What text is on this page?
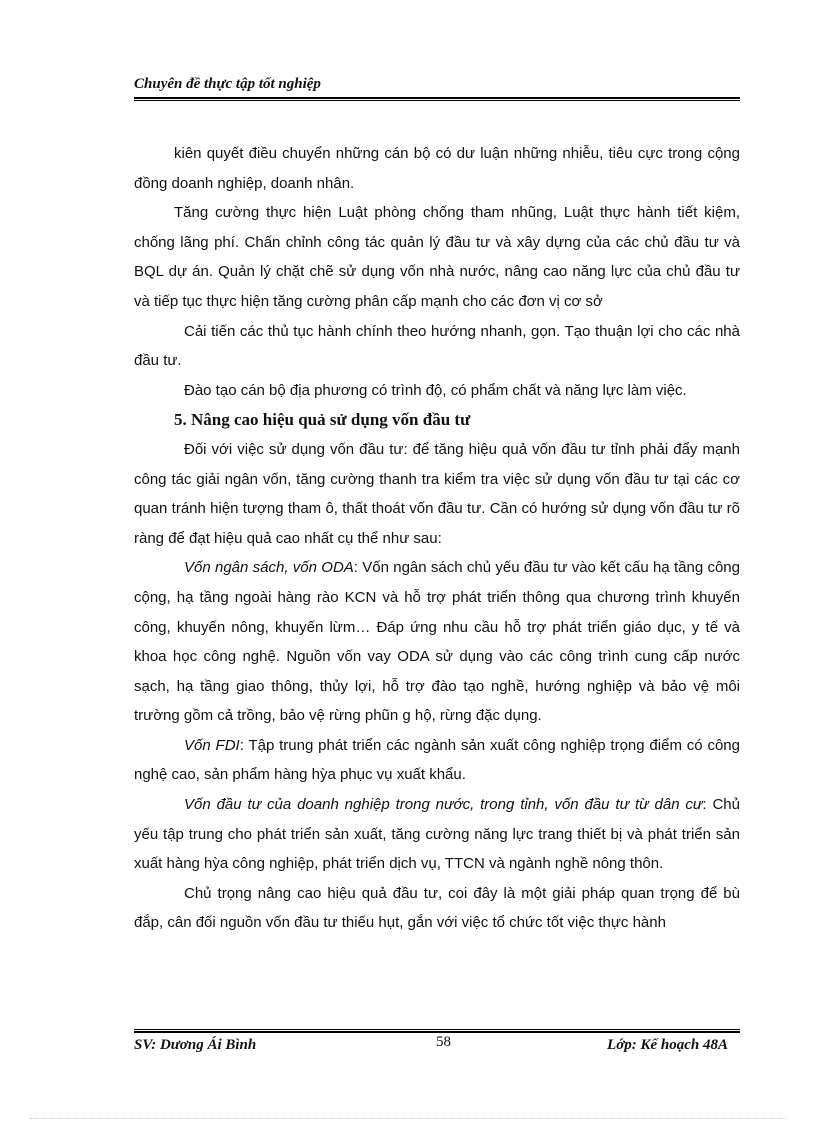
Chuyên đề thực tập tốt nghiệp

kiên quyết điều chuyển những cán bộ có dư luận những nhiễu, tiêu cực trong cộng đồng doanh nghiệp, doanh nhân.

Tăng cường thực hiện Luật phòng chống tham nhũng, Luật thực hành tiết kiệm, chống lãng phí. Chấn chỉnh công tác quản lý đầu tư và xây dựng của các chủ đầu tư và BQL dự án. Quản lý chặt chẽ sử dụng vốn nhà nước, nâng cao năng lực của chủ đầu tư và tiếp tục thực hiện tăng cường phân cấp mạnh cho các đơn vị cơ sở

Cải tiến các thủ tục hành chính theo hướng nhanh, gọn. Tạo thuận lợi cho các nhà đầu tư.

Đào tạo cán bộ địa phương có trình độ, có phẩm chất và năng lực làm việc.

5. Nâng cao hiệu quả sử dụng vốn đầu tư

Đối với việc sử dụng vốn đầu tư: để tăng hiệu quả vốn đầu tư tỉnh phải đẩy mạnh công tác giải ngân vốn, tăng cường thanh tra kiểm tra việc sử dụng vốn đầu tư tại các cơ quan tránh hiện tượng tham ô, thất thoát vốn đầu tư. Cần có hướng sử dụng vốn đầu tư rõ ràng để đạt hiệu quả cao nhất cụ thể như sau:

Vốn ngân sách, vốn ODA: Vốn ngân sách chủ yếu đầu tư vào kết cấu hạ tầng công cộng, hạ tầng ngoài hàng rào KCN và hỗ trợ phát triển thông qua chương trình khuyến công, khuyến nông, khuyến lừm… Đáp ứng nhu cầu hỗ trợ phát triển giáo dục, y tế và khoa học công nghệ. Nguồn vốn vay ODA sử dụng vào các công trình cung cấp nước sạch, hạ tầng giao thông, thủy lợi, hỗ trợ đào tạo nghề, hướng nghiệp và bảo vệ môi trường gồm cả trồng, bảo vệ rừng phũn g hộ, rừng đặc dụng.

Vốn FDI: Tập trung phát triển các ngành sản xuất công nghiệp trọng điểm có công nghệ cao, sản phẩm hàng hỳa phục vụ xuất khẩu.

Vốn đầu tư của doanh nghiệp trong nước, trong tỉnh, vốn đầu tư từ dân cư: Chủ yếu tập trung cho phát triển sản xuất, tăng cường năng lực trang thiết bị và phát triển sản xuất hàng hỳa công nghiệp, phát triển dịch vụ, TTCN và ngành nghề nông thôn.

Chủ trọng nâng cao hiệu quả đầu tư, coi đây là một giải pháp quan trọng để bù đắp, cân đối nguồn vốn đầu tư thiếu hụt, gắn với việc tổ chức tốt việc thực hành

SV: Dương Ái Bình	58	Lớp: Kế hoạch 48A
